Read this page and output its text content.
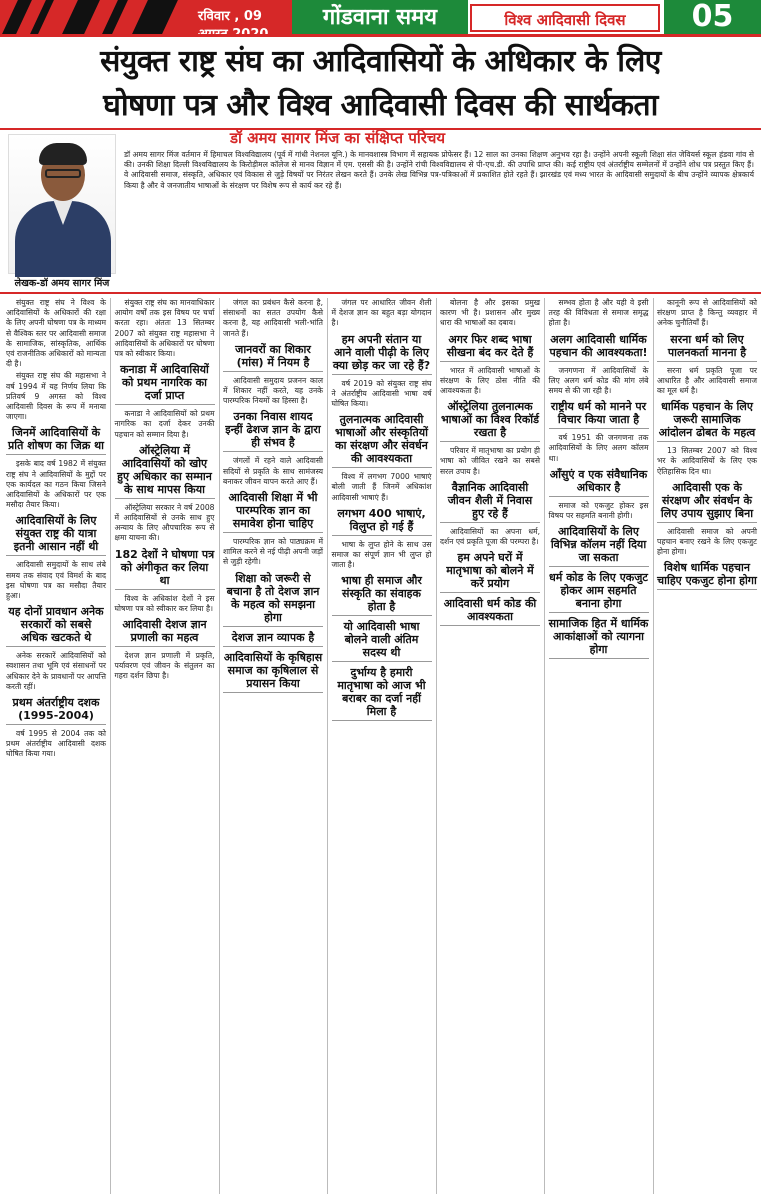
रविवार , 09	गोंडवाना समय	विश्व आदिवासी दिवस	05
संयुक्त राष्ट्र संघ का आदिवासियों के अधिकार के लिए
घोषणा पत्र और विश्व आदिवासी दिवस की सार्थकता
लेखक-डॉ अमय सागर मिंज
डॉ अमय सागर मिंज का संक्षिप्त परिचय
डॉ अमय सागर मिंज वर्तमान में हिमाचल विश्वविद्यालय (पूर्व में गांधी नेशनल यूनि.) के मानवशास्त्र विभाग में सहायक प्रोफेसर हैं। 12 साल का उनका शिक्षण अनुभव रहा है। उन्होंने अपनी स्कूली शिक्षा संत जेवियर्स स्कूल हंडवा गांव से की। उनकी शिक्षा दिल्ली विश्वविद्यालय के किरोड़ीमल कॉलेज से मानव विज्ञान में एम. एससी की है। उन्होंने रांची विश्वविद्यालय से पी-एच.डी. की उपाधि प्राप्त की। कई राष्ट्रीय एवं अंतर्राष्ट्रीय सम्मेलनों में उन्होंने शोध पत्र प्रस्तुत किए हैं। वे आदिवासी समाज, संस्कृति, अधिकार एवं विकास से जुड़े विषयों पर निरंतर लेखन करते हैं। उनके लेख विभिन्न पत्र-पत्रिकाओं में प्रकाशित होते रहते हैं। झारखंड एवं मध्य भारत के आदिवासी समुदायों के बीच उन्होंने व्यापक क्षेत्रकार्य किया है और वे जनजातीय भाषाओं के संरक्षण पर विशेष रूप से कार्य कर रहे हैं।

संयुक्त राष्ट्र संघ ने विश्व के आदिवासियों के अधिकारों की रक्षा के लिए अपनी घोषणा पत्र के माध्यम से वैश्विक स्तर पर आदिवासी समाज के सामाजिक, सांस्कृतिक, आर्थिक एवं राजनीतिक अधिकारों को मान्यता दी है।

संयुक्त राष्ट्र संघ की महासभा ने वर्ष 1994 में यह निर्णय लिया कि प्रतिवर्ष 9 अगस्त को विश्व आदिवासी दिवस के रूप में मनाया जाएगा।

जिनमें आदिवासियों के प्रति शोषण का जिक्र था

इसके बाद वर्ष 1982 में संयुक्त राष्ट्र संघ ने आदिवासियों के मुद्दों पर एक कार्यदल का गठन किया जिसने आदिवासियों के अधिकारों पर एक मसौदा तैयार किया।

आदिवासियों के लिए संयुक्त राष्ट्र की यात्रा इतनी आसान नहीं थी

आदिवासी समुदायों के साथ लंबे समय तक संवाद एवं विमर्श के बाद इस घोषणा पत्र का मसौदा तैयार हुआ।

यह दोनों प्रावधान अनेक सरकारों को सबसे अधिक खटकते थे

अनेक सरकारें आदिवासियों को स्वशासन तथा भूमि एवं संसाधनों पर अधिकार देने के प्रावधानों पर आपत्ति करती रहीं।

प्रथम अंतर्राष्ट्रीय दशक (1995-2004)

वर्ष 1995 से 2004 तक को प्रथम अंतर्राष्ट्रीय आदिवासी दशक घोषित किया गया।

संयुक्त राष्ट्र संघ का मानवाधिकार आयोग वर्षों तक इस विषय पर चर्चा करता रहा। अंततः 13 सितम्बर 2007 को संयुक्त राष्ट्र महासभा ने आदिवासियों के अधिकारों पर घोषणा पत्र को स्वीकार किया।

कनाडा में आदिवासियों को प्रथम नागरिक का दर्जा प्राप्त

कनाडा ने आदिवासियों को प्रथम नागरिक का दर्जा देकर उनकी पहचान को सम्मान दिया है।

ऑस्ट्रेलिया में आदिवासियों को खोए हुए अधिकार का सम्मान के साथ मापस किया

ऑस्ट्रेलिया सरकार ने वर्ष 2008 में आदिवासियों से उनके साथ हुए अन्याय के लिए औपचारिक रूप से क्षमा याचना की।

182 देशों ने घोषणा पत्र को अंगीकृत कर लिया था

विश्व के अधिकांश देशों ने इस घोषणा पत्र को स्वीकार कर लिया है।

आदिवासी देशज ज्ञान प्रणाली का महत्व

देशज ज्ञान प्रणाली में प्रकृति, पर्यावरण एवं जीवन के संतुलन का गहरा दर्शन छिपा है।

जंगल का प्रबंधन कैसे करना है, संसाधनों का सतत उपयोग कैसे करना है, यह आदिवासी भली-भांति जानते हैं।

जानवरों का शिकार (मांस) में नियम है

आदिवासी समुदाय प्रजनन काल में शिकार नहीं करते, यह उनके पारम्परिक नियमों का हिस्सा है।

उनका निवास शायद इन्हीं ढेशज ज्ञान के द्वारा ही संभव है

जंगलों में रहने वाले आदिवासी सदियों से प्रकृति के साथ सामंजस्य बनाकर जीवन यापन करते आए हैं।

आदिवासी शिक्षा में भी पारम्परिक ज्ञान का समावेश होना चाहिए

पारम्परिक ज्ञान को पाठ्यक्रम में शामिल करने से नई पीढ़ी अपनी जड़ों से जुड़ी रहेगी।

शिक्षा को जरूरी से बचाना है तो देशज ज्ञान के महत्व को समझना होगा
देशज ज्ञान व्यापक है
आदिवासियों के कृषिहास समाज का कृषिलाल से प्रयासन किया

जंगल पर आधारित जीवन शैली में देशज ज्ञान का बहुत बड़ा योगदान है।

हम अपनी संतान या आने वाली पीढ़ी के लिए क्या छोड़ कर जा रहे हैं?

वर्ष 2019 को संयुक्त राष्ट्र संघ ने अंतर्राष्ट्रीय आदिवासी भाषा वर्ष घोषित किया।

तुलनात्मक आदिवासी भाषाओं और संस्कृतियों का संरक्षण और संवर्धन की आवश्यकता

विश्व में लगभग 7000 भाषाएं बोली जाती हैं जिनमें अधिकांश आदिवासी भाषाएं हैं।

लगभग 400 भाषाएं, विलुप्त हो गई हैं

भाषा के लुप्त होने के साथ उस समाज का संपूर्ण ज्ञान भी लुप्त हो जाता है।

भाषा ही समाज और संस्कृति का संवाहक होता है
यो आदिवासी भाषा बोलने वाली अंतिम सदस्य थी
दुर्भाग्य है हमारी मातृभाषा को आज भी बराबर का दर्जा नहीं मिला है

बोलना है और इसका प्रमुख कारण भी है। प्रशासन और मुख्य धारा की भाषाओं का दबाव।

अगर फिर शब्द भाषा सीखना बंद कर देते हैं

भारत में आदिवासी भाषाओं के संरक्षण के लिए ठोस नीति की आवश्यकता है।

ऑस्ट्रेलिया तुलनात्मक भाषाओं का विश्व रिकॉर्ड रखता है

परिवार में मातृभाषा का प्रयोग ही भाषा को जीवित रखने का सबसे सरल उपाय है।

वैज्ञानिक आदिवासी जीवन शैली में निवास हुए रहे हैं

आदिवासियों का अपना धर्म, दर्शन एवं प्रकृति पूजा की परम्परा है।

हम अपने घरों में मातृभाषा को बोलने में करें प्रयोग
आदिवासी धर्म कोड की आवश्यकता

सम्भव होता है और यही वे इसी तरह की विविधता से समाज समृद्ध होता है।

अलग आदिवासी धार्मिक पहचान की आवश्यकता!

जनगणना में आदिवासियों के लिए अलग धर्म कोड की मांग लंबे समय से की जा रही है।

राष्ट्रीय धर्म को मानने पर विचार किया जाता है

वर्ष 1951 की जनगणना तक आदिवासियों के लिए अलग कॉलम था।

आँसुएं व एक संवैधानिक अधिकार है

समाज को एकजुट होकर इस विषय पर सहमति बनानी होगी।

आदिवासियों के लिए विभिन्न कॉलम नहीं दिया जा सकता
धर्म कोड के लिए एकजुट होकर आम सहमति बनाना होगा
सामाजिक हित में धार्मिक आकांक्षाओं को त्यागना होगा

कानूनी रूप से आदिवासियों को संरक्षण प्राप्त है किन्तु व्यवहार में अनेक चुनौतियाँ हैं।

सरना धर्म को लिए पालनकर्ता मानना है

सरना धर्म प्रकृति पूजा पर आधारित है और आदिवासी समाज का मूल धर्म है।

धार्मिक पहचान के लिए जरूरी सामाजिक आंदोलन ढोबत के महत्व

13 सितम्बर 2007 को विश्व भर के आदिवासियों के लिए एक ऐतिहासिक दिन था।

आदिवासी एक के संरक्षण और संवर्धन के लिए उपाय सुझाए बिना

आदिवासी समाज को अपनी पहचान बनाए रखने के लिए एकजुट होना होगा।

विशेष धार्मिक पहचान चाहिए एकजुट होना होगा
